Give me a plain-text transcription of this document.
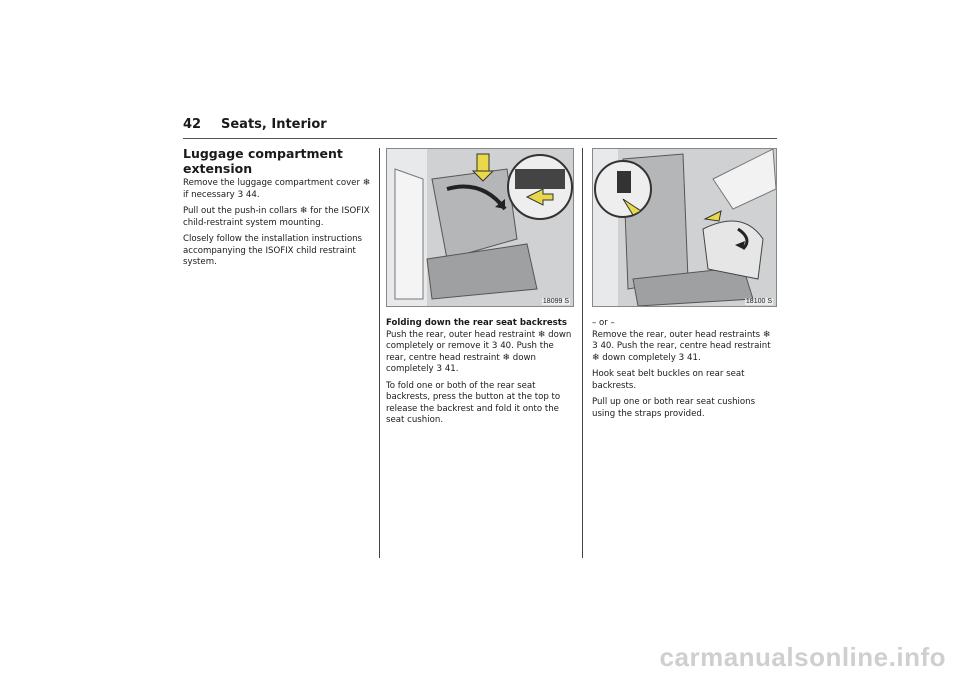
42 Seats, Interior
Luggage compartment extension

Remove the luggage compartment cover ❄ if necessary 3 44.

Pull out the push-in collars ❄ for the ISOFIX child-restraint system mounting.

Closely follow the installation instructions accompanying the ISOFIX child restraint system.

18099 S	18100 S

Folding down the rear seat backrests
Push the rear, outer head restraint ❄ down completely or remove it 3 40. Push the rear, centre head restraint ❄ down completely 3 41.

To fold one or both of the rear seat backrests, press the button at the top to release the backrest and fold it onto the seat cushion.

– or –

Remove the rear, outer head restraints ❄
3 40. Push the rear, centre head restraint ❄ down completely 3 41.

Hook seat belt buckles on rear seat backrests.

Pull up one or both rear seat cushions using the straps provided.

carmanualsonline.info
